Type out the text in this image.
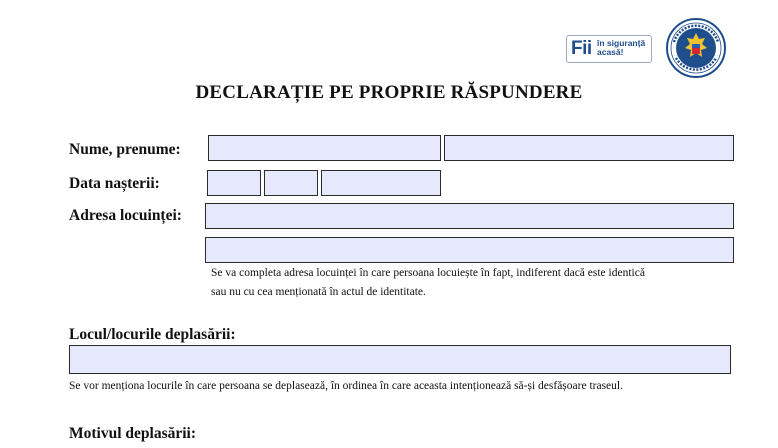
Fii în siguranță acasă!
DECLARAȚIE PE PROPRIE RĂSPUNDERE
Nume, prenume:
Data nașterii:
Adresa locuinței:
Se va completa adresa locuinței în care persoana locuiește în fapt, indiferent dacă este identică
sau nu cu cea menționată în actul de identitate.
Locul/locurile deplasării:
Se vor menționa locurile în care persoana se deplasează, în ordinea în care aceasta intenționează să-și desfășoare traseul.
Motivul deplasării:
